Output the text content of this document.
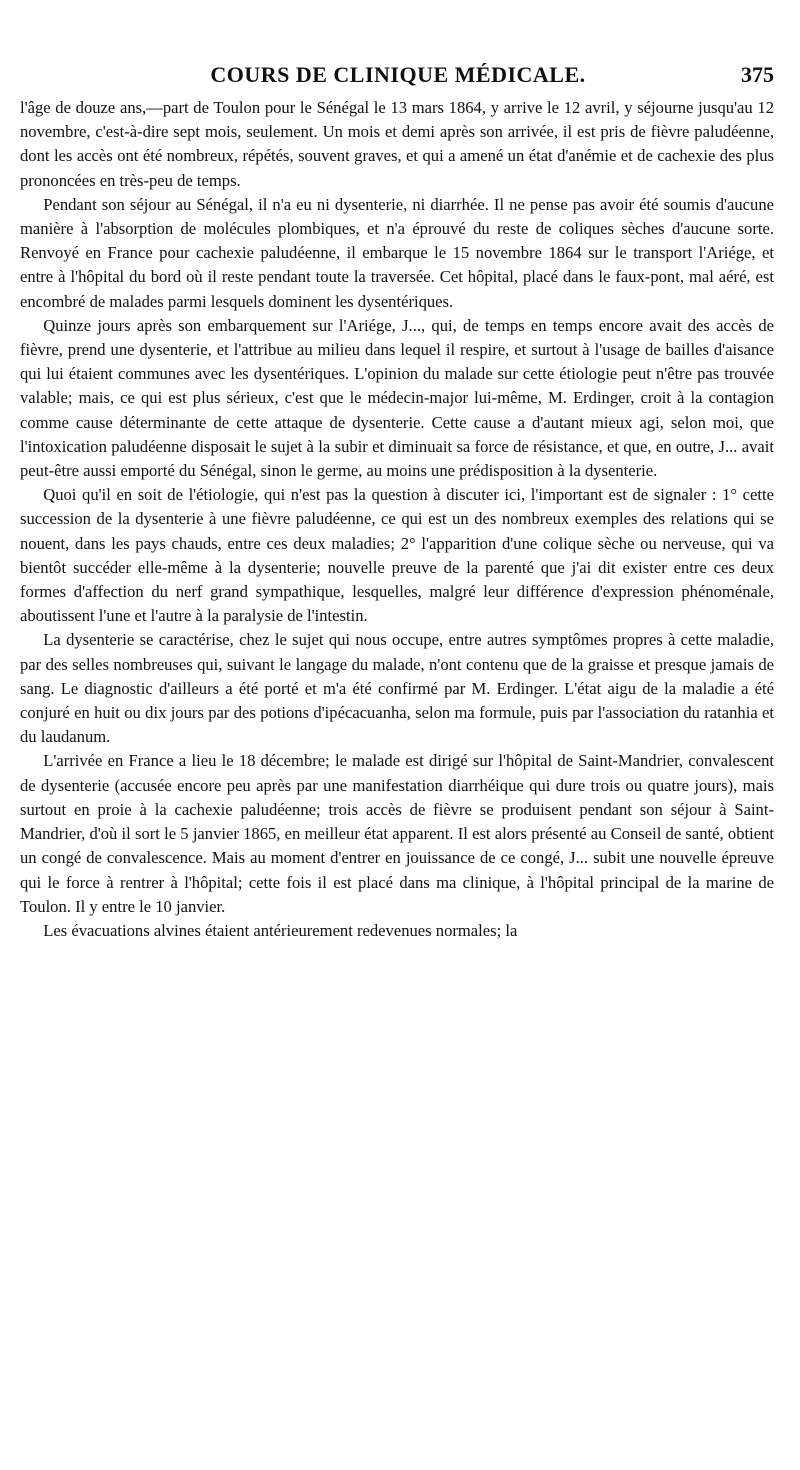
COURS DE CLINIQUE MÉDICALE.	375

l'âge de douze ans,—part de Toulon pour le Sénégal le 13 mars 1864, y arrive le 12 avril, y séjourne jusqu'au 12 novembre, c'est-à-dire sept mois, seulement. Un mois et demi après son arrivée, il est pris de fièvre paludéenne, dont les accès ont été nombreux, répétés, souvent graves, et qui a amené un état d'anémie et de cachexie des plus prononcées en très-peu de temps.

Pendant son séjour au Sénégal, il n'a eu ni dysenterie, ni diarrhée. Il ne pense pas avoir été soumis d'aucune manière à l'absorption de molécules plombiques, et n'a éprouvé du reste de coliques sèches d'aucune sorte. Renvoyé en France pour cachexie paludéenne, il embarque le 15 novembre 1864 sur le transport l'Ariége, et entre à l'hôpital du bord où il reste pendant toute la traversée. Cet hôpital, placé dans le faux-pont, mal aéré, est encombré de malades parmi lesquels dominent les dysentériques.

Quinze jours après son embarquement sur l'Ariége, J..., qui, de temps en temps encore avait des accès de fièvre, prend une dysenterie, et l'attribue au milieu dans lequel il respire, et surtout à l'usage de bailles d'aisance qui lui étaient communes avec les dysentériques. L'opinion du malade sur cette étiologie peut n'être pas trouvée valable; mais, ce qui est plus sérieux, c'est que le médecin-major lui-même, M. Erdinger, croit à la contagion comme cause déterminante de cette attaque de dysenterie. Cette cause a d'autant mieux agi, selon moi, que l'intoxication paludéenne disposait le sujet à la subir et diminuait sa force de résistance, et que, en outre, J... avait peut-être aussi emporté du Sénégal, sinon le germe, au moins une prédisposition à la dysenterie.

Quoi qu'il en soit de l'étiologie, qui n'est pas la question à discuter ici, l'important est de signaler : 1° cette succession de la dysenterie à une fièvre paludéenne, ce qui est un des nombreux exemples des relations qui se nouent, dans les pays chauds, entre ces deux maladies; 2° l'apparition d'une colique sèche ou nerveuse, qui va bientôt succéder elle-même à la dysenterie; nouvelle preuve de la parenté que j'ai dit exister entre ces deux formes d'affection du nerf grand sympathique, lesquelles, malgré leur différence d'expression phénoménale, aboutissent l'une et l'autre à la paralysie de l'intestin.

La dysenterie se caractérise, chez le sujet qui nous occupe, entre autres symptômes propres à cette maladie, par des selles nombreuses qui, suivant le langage du malade, n'ont contenu que de la graisse et presque jamais de sang. Le diagnostic d'ailleurs a été porté et m'a été confirmé par M. Erdinger. L'état aigu de la maladie a été conjuré en huit ou dix jours par des potions d'ipécacuanha, selon ma formule, puis par l'association du ratanhia et du laudanum.

L'arrivée en France a lieu le 18 décembre; le malade est dirigé sur l'hôpital de Saint-Mandrier, convalescent de dysenterie (accusée encore peu après par une manifestation diarrhéique qui dure trois ou quatre jours), mais surtout en proie à la cachexie paludéenne; trois accès de fièvre se produisent pendant son séjour à Saint-Mandrier, d'où il sort le 5 janvier 1865, en meilleur état apparent. Il est alors présenté au Conseil de santé, obtient un congé de convalescence. Mais au moment d'entrer en jouissance de ce congé, J... subit une nouvelle épreuve qui le force à rentrer à l'hôpital; cette fois il est placé dans ma clinique, à l'hôpital principal de la marine de Toulon. Il y entre le 10 janvier.

Les évacuations alvines étaient antérieurement redevenues normales; la
